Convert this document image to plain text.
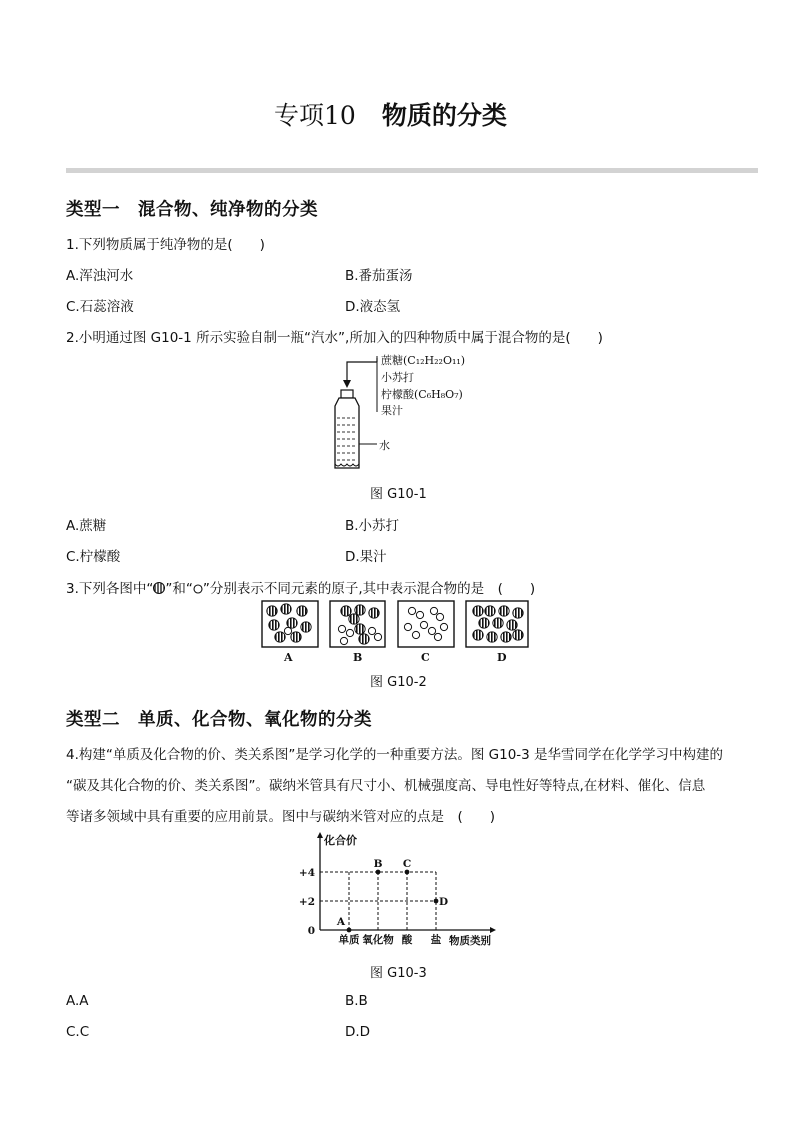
专项10 物质的分类
类型一 混合物、纯净物的分类
1.下列物质属于纯净物的是(　　)
A.浑浊河水	B.番茄蛋汤
C.石蕊溶液	D.液态氢
2.小明通过图 G10-1 所示实验自制一瓶“汽水”,所加入的四种物质中属于混合物的是(　　)
蔗糖(C₁₂H₂₂O₁₁)
小苏打
柠檬酸(C₆H₈O₇)
果汁
水
图 G10-1
A.蔗糖	B.小苏打
C.柠檬酸	D.果汁
3.下列各图中“ ”和“ ”分别表示不同元素的原子,其中表示混合物的是　(　　)
A	B	C	D
图 G10-2
类型二 单质、化合物、氧化物的分类
4.构建“单质及化合物的价、类关系图”是学习化学的一种重要方法。图 G10-3 是华雪同学在化学学习中构建的
“碳及其化合物的价、类关系图”。碳纳米管具有尺寸小、机械强度高、导电性好等特点,在材料、催化、信息
等诸多领域中具有重要的应用前景。图中与碳纳米管对应的点是　(　　)
化合价
+4
+2
0
单质 氧化物 酸 盐 物质类别
A
B C
D
图 G10-3
A.A	B.B
C.C	D.D
